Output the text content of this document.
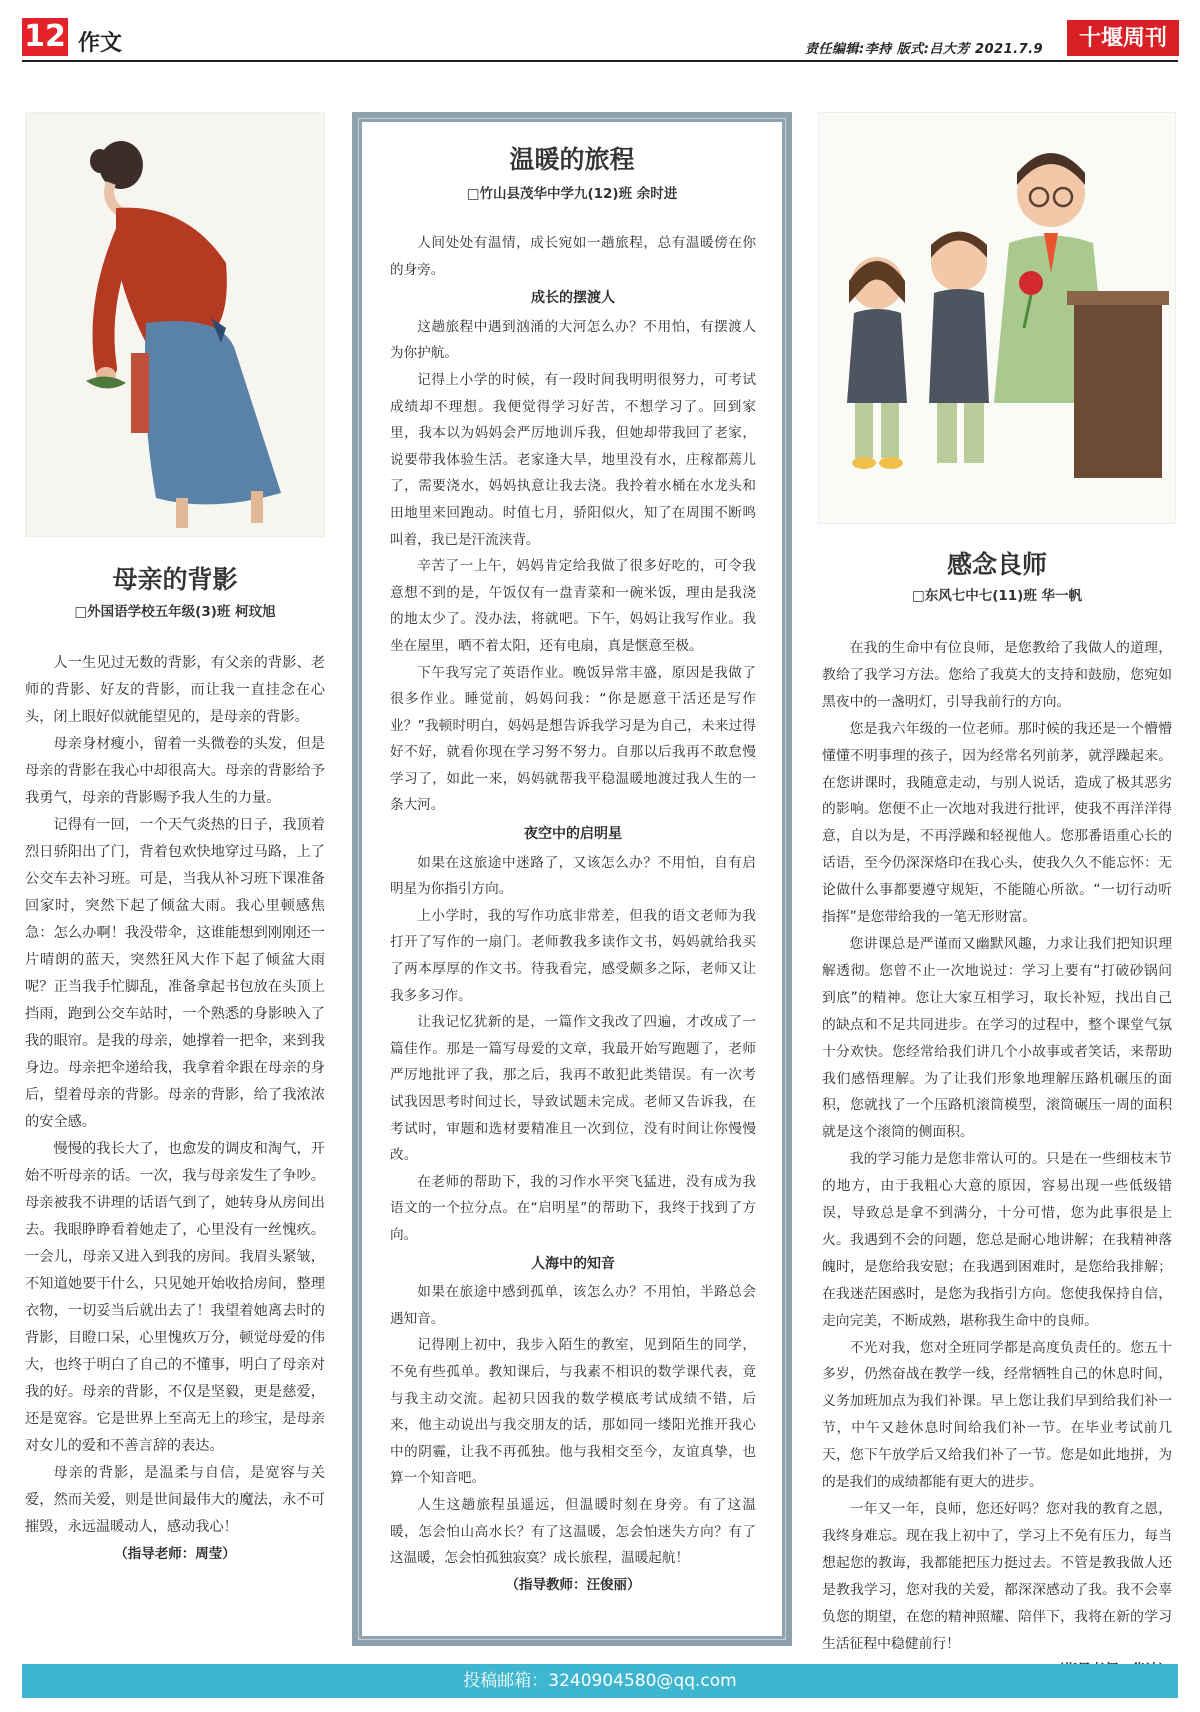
12 作文	责任编辑:李持 版式:吕大芳 2021.7.9	十堰周刊
母亲的背影
□外国语学校五年级(3)班 柯玟旭

人一生见过无数的背影，有父亲的背影、老师的背影、好友的背影，而让我一直挂念在心头，闭上眼好似就能望见的，是母亲的背影。

母亲身材瘦小，留着一头微卷的头发，但是母亲的背影在我心中却很高大。母亲的背影给予我勇气，母亲的背影赐予我人生的力量。

记得有一回，一个天气炎热的日子，我顶着烈日骄阳出了门，背着包欢快地穿过马路，上了公交车去补习班。可是，当我从补习班下课准备回家时，突然下起了倾盆大雨。我心里顿感焦急：怎么办啊！我没带伞，这谁能想到刚刚还一片晴朗的蓝天，突然狂风大作下起了倾盆大雨呢？正当我手忙脚乱，准备拿起书包放在头顶上挡雨，跑到公交车站时，一个熟悉的身影映入了我的眼帘。是我的母亲，她撑着一把伞，来到我身边。母亲把伞递给我，我拿着伞跟在母亲的身后，望着母亲的背影。母亲的背影，给了我浓浓的安全感。

慢慢的我长大了，也愈发的调皮和淘气，开始不听母亲的话。一次，我与母亲发生了争吵。母亲被我不讲理的话语气到了，她转身从房间出去。我眼睁睁看着她走了，心里没有一丝愧疚。一会儿，母亲又进入到我的房间。我眉头紧皱，不知道她要干什么，只见她开始收拾房间，整理衣物，一切妥当后就出去了！我望着她离去时的背影，目瞪口呆，心里愧疚万分，顿觉母爱的伟大，也终于明白了自己的不懂事，明白了母亲对我的好。母亲的背影，不仅是坚毅，更是慈爱，还是宽容。它是世界上至高无上的珍宝，是母亲对女儿的爱和不善言辞的表达。

母亲的背影，是温柔与自信，是宽容与关爱，然而关爱，则是世间最伟大的魔法，永不可摧毁，永远温暖动人，感动我心！

（指导老师：周莹）

温暖的旅程
□竹山县茂华中学九(12)班 余时进

人间处处有温情，成长宛如一趟旅程，总有温暖傍在你的身旁。

成长的摆渡人

这趟旅程中遇到汹涌的大河怎么办？不用怕，有摆渡人为你护航。

记得上小学的时候，有一段时间我明明很努力，可考试成绩却不理想。我便觉得学习好苦，不想学习了。回到家里，我本以为妈妈会严厉地训斥我，但她却带我回了老家，说要带我体验生活。老家逢大旱，地里没有水，庄稼都蔫儿了，需要浇水，妈妈执意让我去浇。我拎着水桶在水龙头和田地里来回跑动。时值七月，骄阳似火，知了在周围不断鸣叫着，我已是汗流浃背。

辛苦了一上午，妈妈肯定给我做了很多好吃的，可令我意想不到的是，午饭仅有一盘青菜和一碗米饭，理由是我浇的地太少了。没办法，将就吧。下午，妈妈让我写作业。我坐在屋里，晒不着太阳，还有电扇，真是惬意至极。

下午我写完了英语作业。晚饭异常丰盛，原因是我做了很多作业。睡觉前，妈妈问我：“你是愿意干活还是写作业？”我顿时明白，妈妈是想告诉我学习是为自己，未来过得好不好，就看你现在学习努不努力。自那以后我再不敢怠慢学习了，如此一来，妈妈就帮我平稳温暖地渡过我人生的一条大河。

夜空中的启明星

如果在这旅途中迷路了，又该怎么办？不用怕，自有启明星为你指引方向。

上小学时，我的写作功底非常差，但我的语文老师为我打开了写作的一扇门。老师教我多读作文书，妈妈就给我买了两本厚厚的作文书。待我看完，感受颇多之际，老师又让我多多习作。

让我记忆犹新的是，一篇作文我改了四遍，才改成了一篇佳作。那是一篇写母爱的文章，我最开始写跑题了，老师严厉地批评了我，那之后，我再不敢犯此类错误。有一次考试我因思考时间过长，导致试题未完成。老师又告诉我，在考试时，审题和选材要精准且一次到位，没有时间让你慢慢改。

在老师的帮助下，我的习作水平突飞猛进，没有成为我语文的一个拉分点。在“启明星”的帮助下，我终于找到了方向。

人海中的知音

如果在旅途中感到孤单，该怎么办？不用怕，半路总会遇知音。

记得刚上初中，我步入陌生的教室，见到陌生的同学，不免有些孤单。教知课后，与我素不相识的数学课代表，竟与我主动交流。起初只因我的数学模底考试成绩不错，后来，他主动说出与我交朋友的话，那如同一缕阳光推开我心中的阴霾，让我不再孤独。他与我相交至今，友谊真挚，也算一个知音吧。

人生这趟旅程虽遥远，但温暖时刻在身旁。有了这温暖，怎会怕山高水长？有了这温暖，怎会怕迷失方向？有了这温暖，怎会怕孤独寂寞？成长旅程，温暖起航！

（指导教师：汪俊丽）

感念良师
□东风七中七(11)班 华一帆

在我的生命中有位良师，是您教给了我做人的道理，教给了我学习方法。您给了我莫大的支持和鼓励，您宛如黑夜中的一盏明灯，引导我前行的方向。

您是我六年级的一位老师。那时候的我还是一个懵懵懂懂不明事理的孩子，因为经常名列前茅，就浮躁起来。在您讲课时，我随意走动，与别人说话，造成了极其恶劣的影响。您便不止一次地对我进行批评，使我不再洋洋得意，自以为是，不再浮躁和轻视他人。您那番语重心长的话语，至今仍深深烙印在我心头，使我久久不能忘怀：无论做什么事都要遵守规矩，不能随心所欲。“一切行动听指挥”是您带给我的一笔无形财富。

您讲课总是严谨而又幽默风趣，力求让我们把知识理解透彻。您曾不止一次地说过：学习上要有“打破砂锅问到底”的精神。您让大家互相学习，取长补短，找出自己的缺点和不足共同进步。在学习的过程中，整个课堂气氛十分欢快。您经常给我们讲几个小故事或者笑话，来帮助我们感悟理解。为了让我们形象地理解压路机碾压的面积，您就找了一个压路机滚筒模型，滚筒碾压一周的面积就是这个滚筒的侧面积。

我的学习能力是您非常认可的。只是在一些细枝末节的地方，由于我粗心大意的原因，容易出现一些低级错误，导致总是拿不到满分，十分可惜，您为此事很是上火。我遇到不会的问题，您总是耐心地讲解；在我精神落魄时，是您给我安慰；在我遇到困难时，是您给我排解；在我迷茫困惑时，是您为我指引方向。您使我保持自信，走向完美，不断成熟，堪称我生命中的良师。

不光对我，您对全班同学都是高度负责任的。您五十多岁，仍然奋战在教学一线，经常牺牲自己的休息时间，义务加班加点为我们补课。早上您让我们早到给我们补一节，中午又趁休息时间给我们补一节。在毕业考试前几天，您下午放学后又给我们补了一节。您是如此地拼，为的是我们的成绩都能有更大的进步。

一年又一年，良师，您还好吗？您对我的教育之恩，我终身难忘。现在我上初中了，学习上不免有压力，每当想起您的教诲，我都能把压力挺过去。不管是教我做人还是教我学习，您对我的关爱，都深深感动了我。我不会辜负您的期望，在您的精神照耀、陪伴下，我将在新的学习生活征程中稳健前行！

投稿邮箱：3240904580@qq.com
